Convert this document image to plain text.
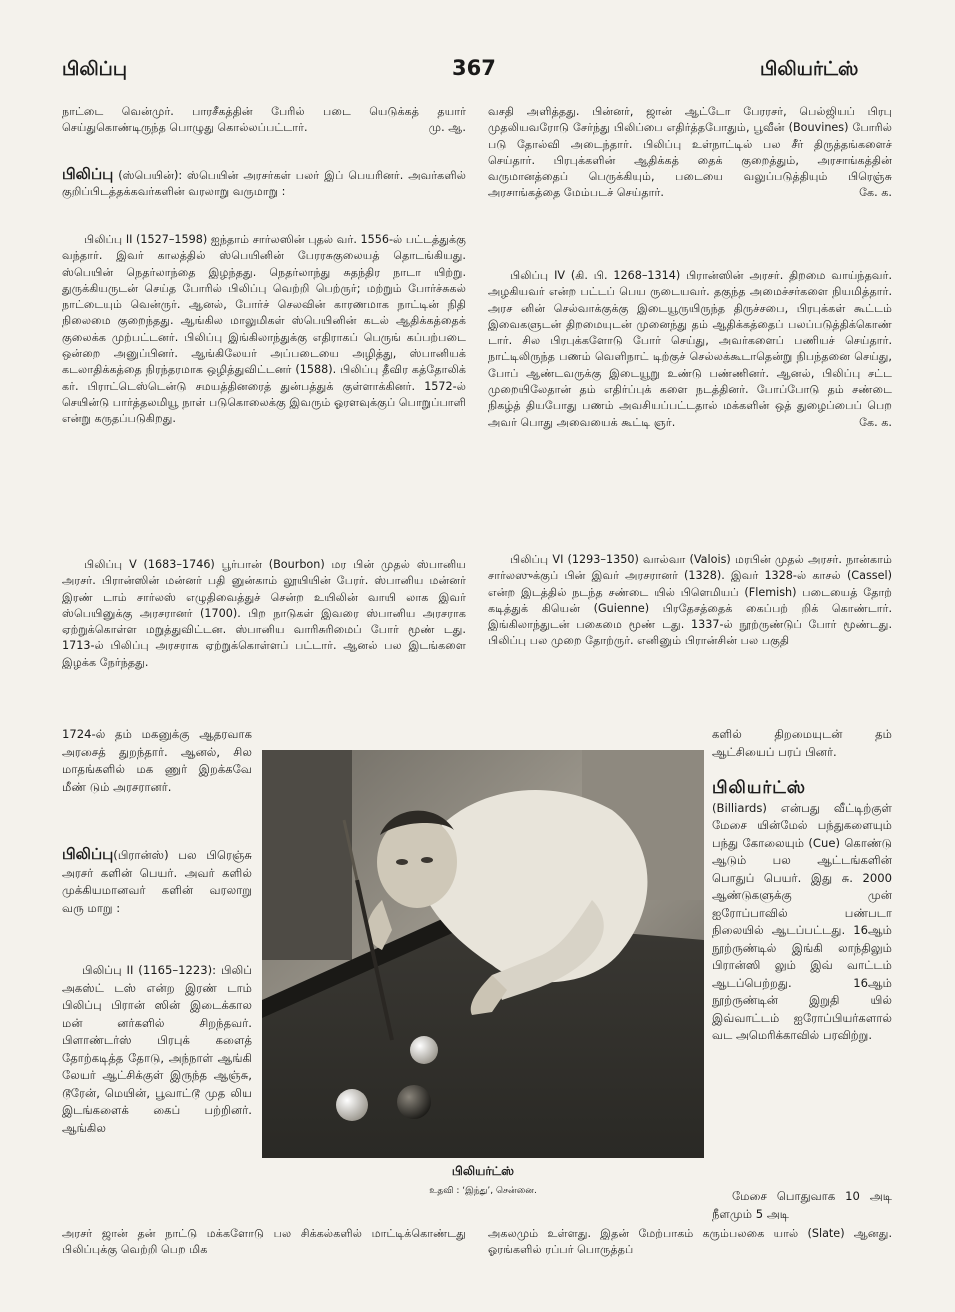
பிலிப்பு	367	பிலியர்ட்ஸ்
நாட்டை வென்முர். பாரசீகத்தின் பேரில் படை யெடுக்கத் தயார் செய்துகொண்டிருந்த பொழுது கொல்லப்பட்டார்.	மு. ஆ.
பிலிப்பு (ஸ்பெயின்): ஸ்பெயின் அரசர்கள் பலர் இப் பெயரினர். அவர்களில் குறிப்பிடத்தக்கவர்களின் வரலாறு வருமாறு :
பிலிப்பு II (1527–1598) ஐந்தாம் சார்லஸின் புதல் வர். 1556-ல் பட்டத்துக்கு வந்தார். இவர் காலத்தில் ஸ்பெயினின் பேரரசுகுலையத் தொடங்கியது. ஸ்பெயின் நெதர்லாந்தை இழந்தது. நெதர்லாந்து சுதந்திர நாடா யிற்று. துருக்கியருடன் செய்த போரில் பிலிப்பு வெற்றி பெற்ருர்; மற்றும் போர்ச்சுகல் நாட்டையும் வென்ருர். ஆனல், போர்ச் செலவின் காரணமாக நாட்டின் நிதி நிலைமை குறைந்தது. ஆங்கில மாலுமிகள் ஸ்பெயினின் கடல் ஆதிக்கத்தைக் குலைக்க முற்பட்டனர். பிலிப்பு இங்கிலாந்துக்கு எதிராகப் பெருங் கப்பற்படை ஒன்றை அனுப்பினர். ஆங்கிலேயர் அப்படையை அழித்து, ஸ்பானியக் கடலாதிக்கத்தை நிரந்தரமாக ஒழித்துவிட்டனர் (1588). பிலிப்பு தீவிர கத்தோலிக் கர். பிராட்டெஸ்டென்டு சமயத்தினரைத் துன்பத்துக் குள்ளாக்கினர். 1572-ல் செயின்டு பார்த்தலமியூ நாள் படுகொலைக்கு இவரும் ஓரளவுக்குப் பொறுப்பாளி என்று கருதப்படுகிறது.
பிலிப்பு V (1683–1746) பூர்பான் (Bourbon) மர பின் முதல் ஸ்பானிய அரசர். பிரான்ஸின் மன்னர் பதி னுன்காம் லூயியின் பேரர். ஸ்பானிய மன்னர் இரண் டாம் சார்லஸ் எழுதிவைத்துச் சென்ற உயிலின் வாயி லாக இவர் ஸ்பெயினுக்கு அரசரானர் (1700). பிற நாடுகள் இவரை ஸ்பானிய அரசராக ஏற்றுக்கொள்ள மறுத்துவிட்டன. ஸ்பானிய வாரிசுரிமைப் போர் மூண் டது. 1713-ல் பிலிப்பு அரசராக ஏற்றுக்கொள்ளப் பட்டார். ஆனல் பல இடங்களை இழக்க நேர்ந்தது.
1724-ல் தம் மகனுக்கு ஆதரவாக அரசைத் துறந்தார். ஆனல், சில மாதங்களில் மக ணுர் இறக்கவே மீண் டும் அரசரானர்.
பிலிப்பு(பிரான்ஸ்) பல பிரெஞ்சு அரசர் களின் பெயர். அவர் களில் முக்கியமானவர் களின் வரலாறு வரு மாறு :
பிலிப்பு II (1165–1223): பிலிப் அகஸ்ட் டஸ் என்ற இரண் டாம் பிலிப்பு பிரான் ஸின் இடைக்கால மன் னர்களில் சிறந்தவர். பிளாண்டர்ஸ் பிரபுக் களைத் தோற்கடித்த தோடு, அந்நாள் ஆங்கி லேயர் ஆட்சிக்குள் இருந்த ஆஞ்சு, டூரேன், மெயின், பூவாட்டூ முத லிய இடங்களைக் கைப் பற்றினர். ஆங்கில
அரசர் ஜான் தன் நாட்டு மக்களோடு பல சிக்கல்களில் மாட்டிக்கொண்டது பிலிப்புக்கு வெற்றி பெற மிக
வசதி அளித்தது. பின்னர், ஜான் ஆட்டோ பேரரசர், பெல்ஜியப் பிரபு முதலியவரோடு சேர்ந்து பிலிப்பை எதிர்த்தபோதும், பூவீன் (Bouvines) போரில் படு தோல்வி அடைந்தார். பிலிப்பு உள்நாட்டில் பல சீர் திருத்தங்களைச் செய்தார். பிரபுக்களின் ஆதிக்கத் தைக் குறைத்தும், அரசாங்கத்தின் வருமானத்தைப் பெருக்கியும், படையை வலுப்படுத்தியும் பிரெஞ்சு அரசாங்கத்தை மேம்படச் செய்தார்.	கே. க.
பிலிப்பு IV (கி. பி. 1268–1314) பிரான்ஸின் அரசர். திறமை வாய்ந்தவர். அழகியவர் என்ற பட்டப் பெய ருடையவர். தகுந்த அமைச்சர்களை நியமித்தார். அரச னின் செல்வாக்குக்கு இடையூருயிருந்த திருச்சபை, பிரபுக்கள் கூட்டம் இவைகளுடன் திறமையுடன் முனைந்து தம் ஆதிக்கத்தைப் பலப்படுத்திக்கொண் டார். சில பிரபுக்களோடு போர் செய்து, அவர்களைப் பணியச் செய்தார். நாட்டிலிருந்த பணம் வெளிநாட் டிற்குச் செல்லக்கூடாதென்று நிபந்தனை செய்து, போப் ஆண்டவருக்கு இடையூறு உண்டு பண்ணினர். ஆனல், பிலிப்பு சட்ட முறையிலேதான் தம் எதிர்ப்புக் களை நடத்தினர். போப்போடு தம் சண்டை நிகழ்த் தியபோது பணம் அவசியப்பட்டதால் மக்களின் ஒத் துழைப்பைப் பெற அவர் பொது அவையைக் கூட்டி ஞர்.	கே. க.
பிலிப்பு VI (1293–1350) வால்வா (Valois) மரபின் முதல் அரசர். நான்காம் சார்லஸுக்குப் பின் இவர் அரசரானர் (1328). இவர் 1328-ல் காசல் (Cassel) என்ற இடத்தில் நடந்த சண்டை யில் பிளெமியப் (Flemish) படையைத் தோற் கடித்துக் கியென் (Guienne) பிரதேசத்தைக் கைப்பற் றிக் கொண்டார். இங்கிலாந்துடன் பகைமை மூண் டது. 1337-ல் நூற்ருண்டுப் போர் மூண்டது. பிலிப்பு பல முறை தோற்ருர். எனினும் பிரான்சின் பல பகுதி
களில் திறமையுடன் தம் ஆட்சியைப் பரப் பினர்.
பிலியர்ட்ஸ்
(Billiards) என்பது வீட்டிற்குள் மேசை யின்மேல் பந்துகளையும் பந்து கோலையும் (Cue) கொண்டு ஆடும் பல ஆட்டங்களின் பொதுப் பெயர். இது சு. 2000 ஆண்டுகளுக்கு முன் ஐரோப்பாவில் பண்படா நிலையில் ஆடப்பட்டது. 16ஆம் நூற்ருண்டில் இங்கி லாந்திலும் பிரான்ஸி லும் இவ் வாட்டம் ஆடப்பெற்றது. 16ஆம் நூற்ருண்டின் இறுதி யில் இவ்வாட்டம் ஐரோப்பியர்களால் வட அமெரிக்காவில் பரவிற்று.
மேசை பொதுவாக 10 அடி நீளமும் 5 அடி
அகலமும் உள்ளது. இதன் மேற்பாகம் கரும்பலகை யால் (Slate) ஆனது. ஓரங்களில் ரப்பர் பொருத்தப்
பிலியர்ட்ஸ்
உதவி : ‘இந்து’, சென்னை.
